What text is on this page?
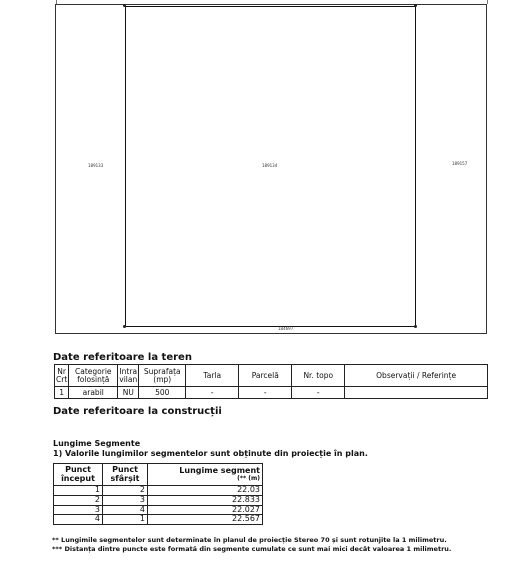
189134
189133	189157
184697
Date referitoare la teren
Nr Crt	Categorie folosință	Intra vilan	Suprafața (mp)	Tarla	Parcelă	Nr. topo	Observații / Referințe
1	arabil	NU	500	-	-	-	
Date referitoare la construcții
Lungime Segmente
1) Valorile lungimilor segmentelor sunt obținute din proiecție în plan.
Punct început	Punct sfârșit	Lungime segment
(** (m)

1	2	22.03
2	3	22.833
3	4	22.027
4	1	22.567
** Lungimile segmentelor sunt determinate în planul de proiecție Stereo 70 și sunt rotunjite la 1 milimetru.
*** Distanța dintre puncte este formată din segmente cumulate ce sunt mai mici decât valoarea 1 milimetru.
